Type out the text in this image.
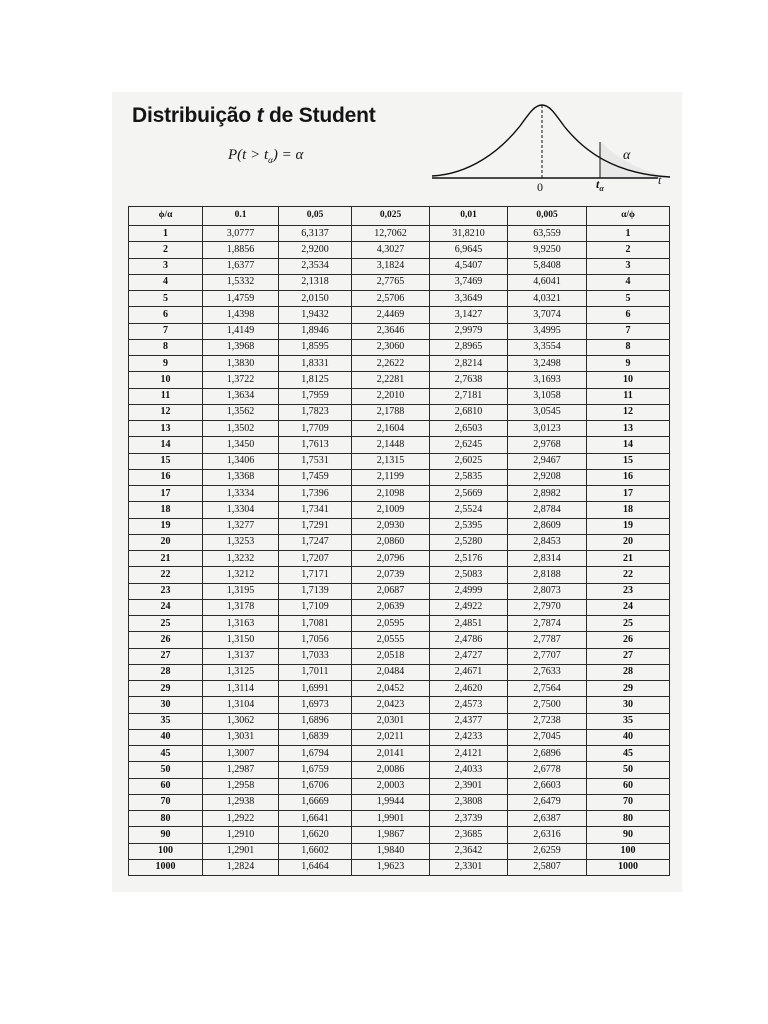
Distribuição t de Student
$P(t > t_\alpha) = \alpha$	α
0	$t_\alpha$
t
ϕ/α	0.1	0,05	0,025	0,01	0,005	α/ϕ
1	3,0777	6,3137	12,7062	31,8210	63,559	1
2	1,8856	2,9200	4,3027	6,9645	9,9250	2
3	1,6377	2,3534	3,1824	4,5407	5,8408	3
4	1,5332	2,1318	2,7765	3,7469	4,6041	4
5	1,4759	2,0150	2,5706	3,3649	4,0321	5
6	1,4398	1,9432	2,4469	3,1427	3,7074	6
7	1,4149	1,8946	2,3646	2,9979	3,4995	7
8	1,3968	1,8595	2,3060	2,8965	3,3554	8
9	1,3830	1,8331	2,2622	2,8214	3,2498	9
10	1,3722	1,8125	2,2281	2,7638	3,1693	10
11	1,3634	1,7959	2,2010	2,7181	3,1058	11
12	1,3562	1,7823	2,1788	2,6810	3,0545	12
13	1,3502	1,7709	2,1604	2,6503	3,0123	13
14	1,3450	1,7613	2,1448	2,6245	2,9768	14
15	1,3406	1,7531	2,1315	2,6025	2,9467	15
16	1,3368	1,7459	2,1199	2,5835	2,9208	16
17	1,3334	1,7396	2,1098	2,5669	2,8982	17
18	1,3304	1,7341	2,1009	2,5524	2,8784	18
19	1,3277	1,7291	2,0930	2,5395	2,8609	19
20	1,3253	1,7247	2,0860	2,5280	2,8453	20
21	1,3232	1,7207	2,0796	2,5176	2,8314	21
22	1,3212	1,7171	2,0739	2,5083	2,8188	22
23	1,3195	1,7139	2,0687	2,4999	2,8073	23
24	1,3178	1,7109	2,0639	2,4922	2,7970	24
25	1,3163	1,7081	2,0595	2,4851	2,7874	25
26	1,3150	1,7056	2,0555	2,4786	2,7787	26
27	1,3137	1,7033	2,0518	2,4727	2,7707	27
28	1,3125	1,7011	2,0484	2,4671	2,7633	28
29	1,3114	1,6991	2,0452	2,4620	2,7564	29
30	1,3104	1,6973	2,0423	2,4573	2,7500	30
35	1,3062	1,6896	2,0301	2,4377	2,7238	35
40	1,3031	1,6839	2,0211	2,4233	2,7045	40
45	1,3007	1,6794	2,0141	2,4121	2,6896	45
50	1,2987	1,6759	2,0086	2,4033	2,6778	50
60	1,2958	1,6706	2,0003	2,3901	2,6603	60
70	1,2938	1,6669	1,9944	2,3808	2,6479	70
80	1,2922	1,6641	1,9901	2,3739	2,6387	80
90	1,2910	1,6620	1,9867	2,3685	2,6316	90
100	1,2901	1,6602	1,9840	2,3642	2,6259	100
1000	1,2824	1,6464	1,9623	2,3301	2,5807	1000
